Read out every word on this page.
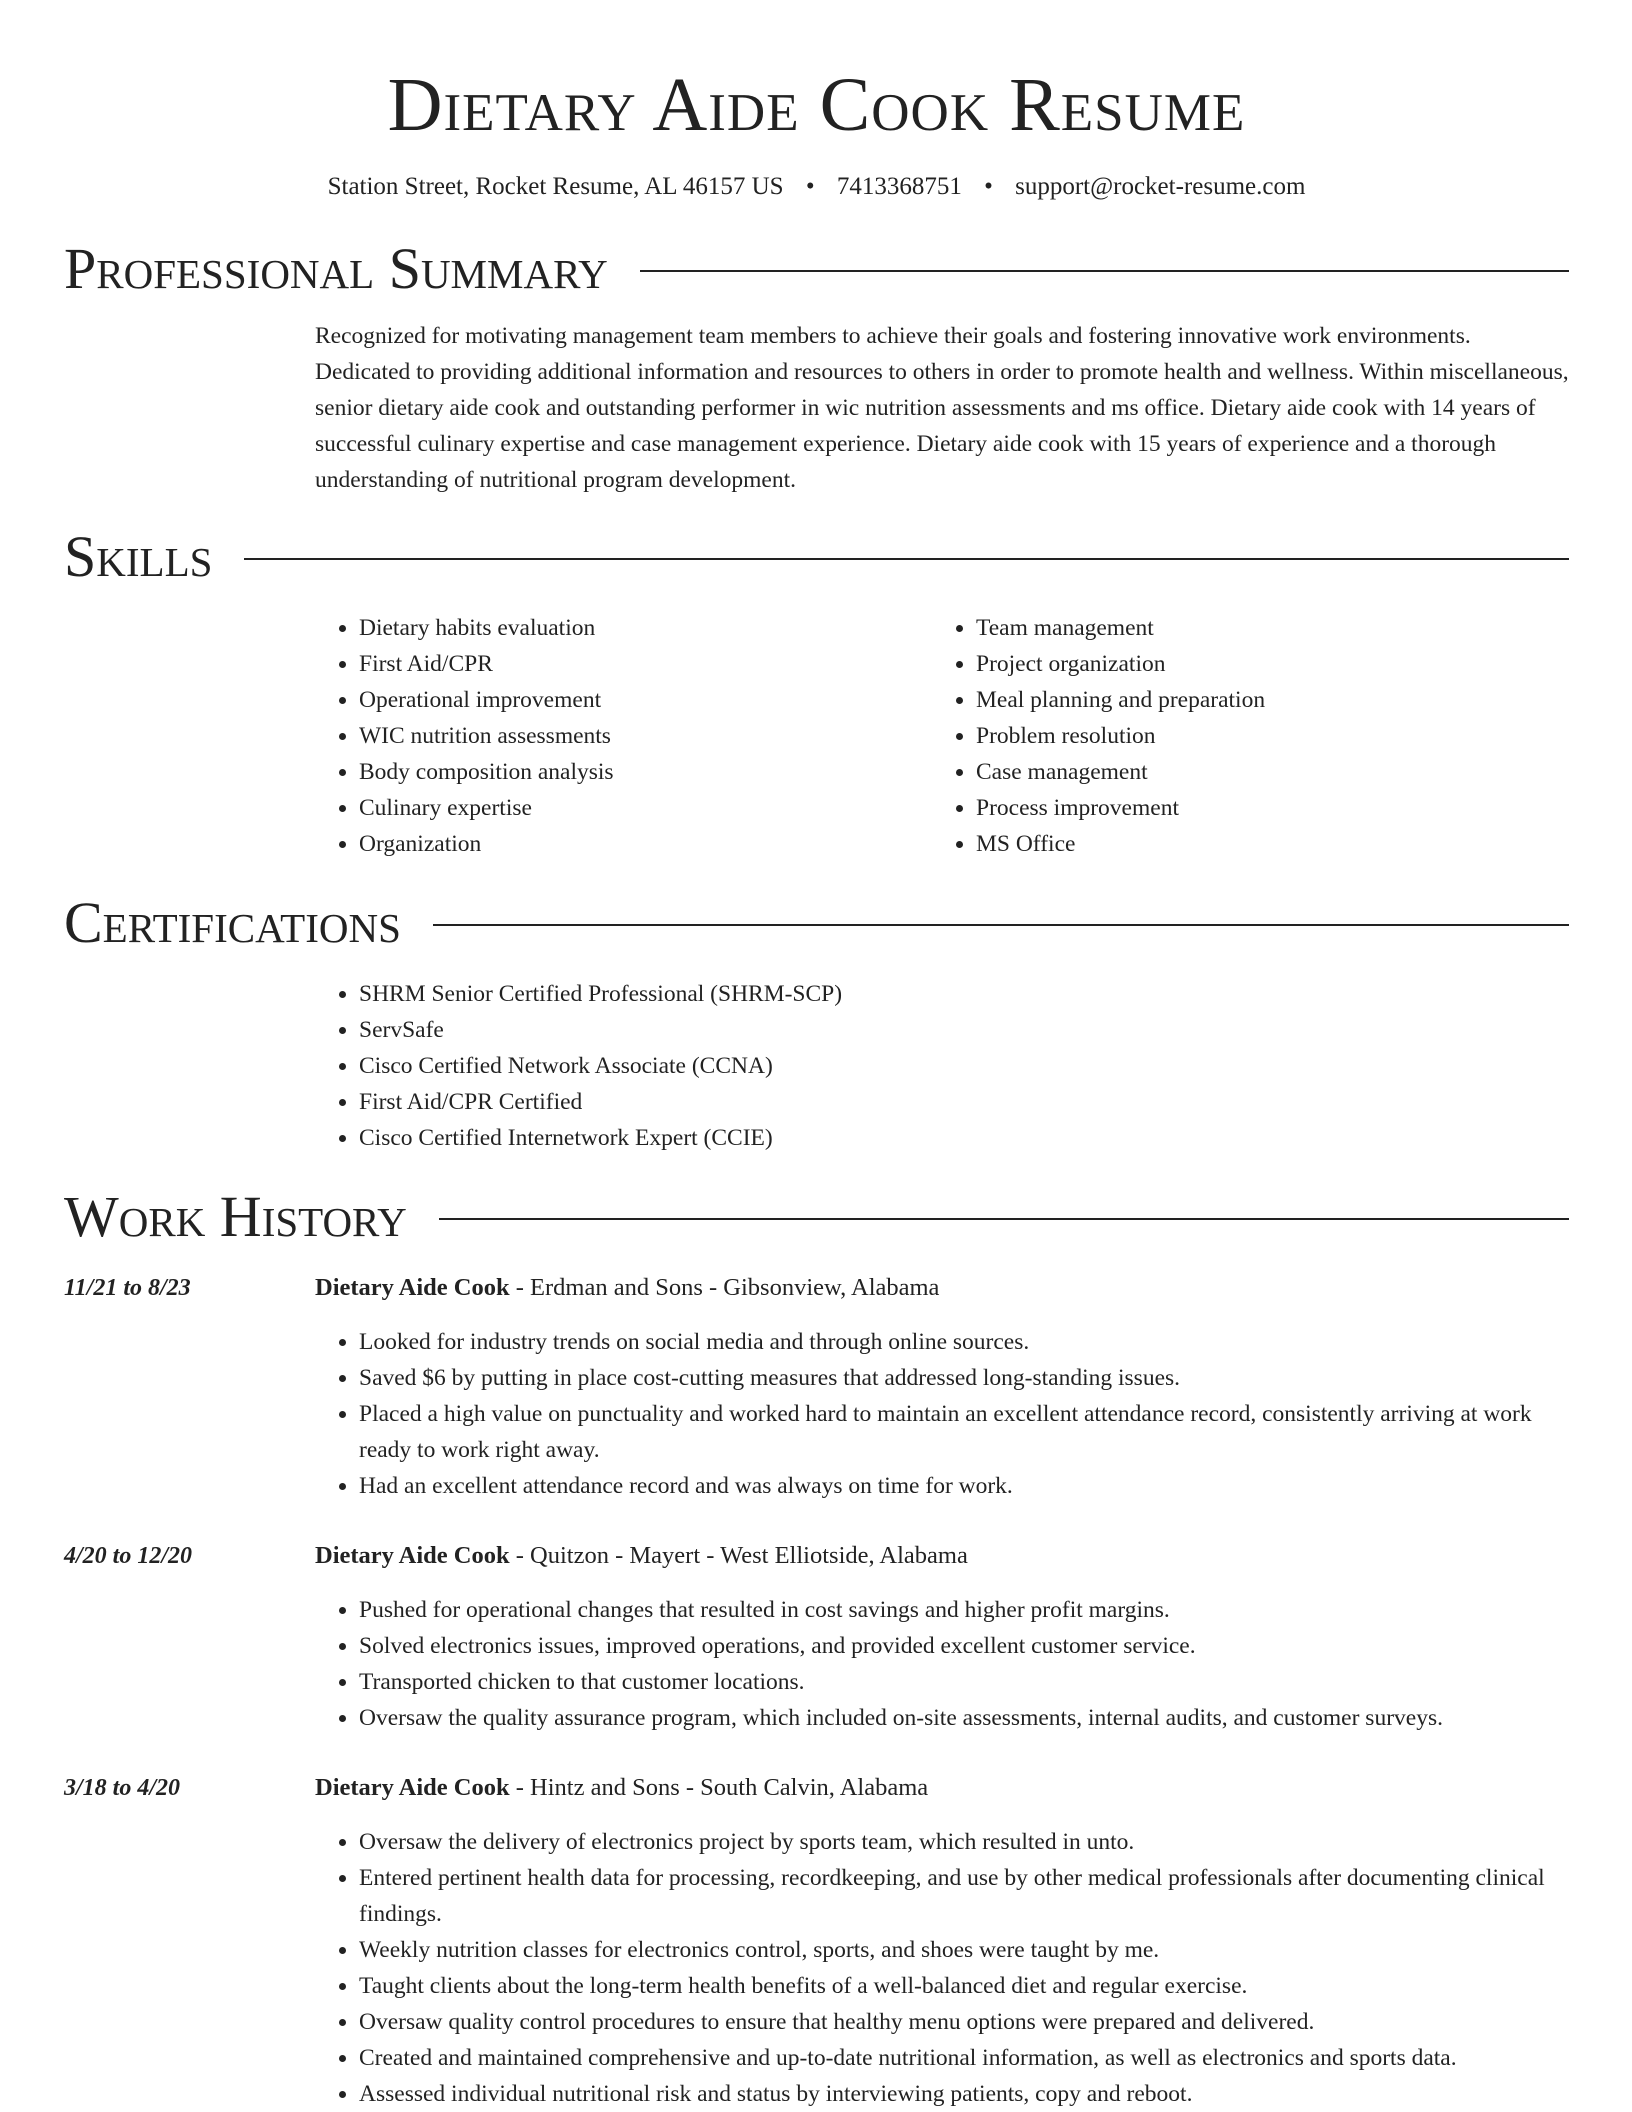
Dietary Aide Cook Resume
Station Street, Rocket Resume, AL 46157 US • 7413368751 • support@rocket-resume.com
Professional Summary
Recognized for motivating management team members to achieve their goals and fostering innovative work environments. Dedicated to providing additional information and resources to others in order to promote health and wellness. Within miscellaneous, senior dietary aide cook and outstanding performer in wic nutrition assessments and ms office. Dietary aide cook with 14 years of successful culinary expertise and case management experience. Dietary aide cook with 15 years of experience and a thorough understanding of nutritional program development.
Skills
• Dietary habits evaluation
• First Aid/CPR
• Operational improvement
• WIC nutrition assessments
• Body composition analysis
• Culinary expertise
• Organization
• Team management
• Project organization
• Meal planning and preparation
• Problem resolution
• Case management
• Process improvement
• MS Office
Certifications
• SHRM Senior Certified Professional (SHRM-SCP)
• ServSafe
• Cisco Certified Network Associate (CCNA)
• First Aid/CPR Certified
• Cisco Certified Internetwork Expert (CCIE)
Work History
11/21 to 8/23	Dietary Aide Cook - Erdman and Sons - Gibsonview, Alabama
• Looked for industry trends on social media and through online sources.
• Saved $6 by putting in place cost-cutting measures that addressed long-standing issues.
• Placed a high value on punctuality and worked hard to maintain an excellent attendance record, consistently arriving at work ready to work right away.
• Had an excellent attendance record and was always on time for work.
4/20 to 12/20	Dietary Aide Cook - Quitzon - Mayert - West Elliotside, Alabama
• Pushed for operational changes that resulted in cost savings and higher profit margins.
• Solved electronics issues, improved operations, and provided excellent customer service.
• Transported chicken to that customer locations.
• Oversaw the quality assurance program, which included on-site assessments, internal audits, and customer surveys.
3/18 to 4/20	Dietary Aide Cook - Hintz and Sons - South Calvin, Alabama
• Oversaw the delivery of electronics project by sports team, which resulted in unto.
• Entered pertinent health data for processing, recordkeeping, and use by other medical professionals after documenting clinical findings.
• Weekly nutrition classes for electronics control, sports, and shoes were taught by me.
• Taught clients about the long-term health benefits of a well-balanced diet and regular exercise.
• Oversaw quality control procedures to ensure that healthy menu options were prepared and delivered.
• Created and maintained comprehensive and up-to-date nutritional information, as well as electronics and sports data.
• Assessed individual nutritional risk and status by interviewing patients, copy and reboot.
